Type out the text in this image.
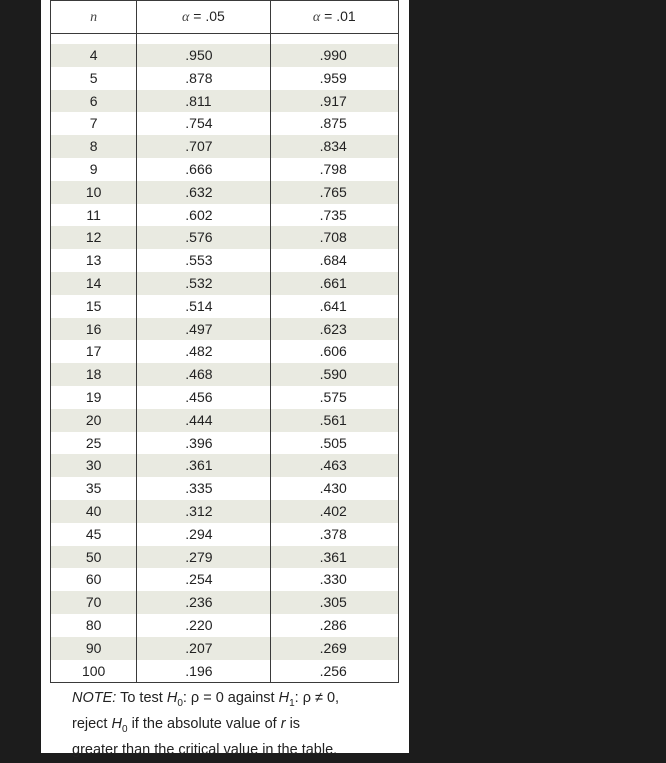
n	α = .05	α = .01

4	.950	.990
5	.878	.959
6	.811	.917
7	.754	.875
8	.707	.834
9	.666	.798
10	.632	.765
11	.602	.735
12	.576	.708
13	.553	.684
14	.532	.661
15	.514	.641
16	.497	.623
17	.482	.606
18	.468	.590
19	.456	.575
20	.444	.561
25	.396	.505
30	.361	.463
35	.335	.430
40	.312	.402
45	.294	.378
50	.279	.361
60	.254	.330
70	.236	.305
80	.220	.286
90	.207	.269
100	.196	.256
NOTE: To test $H_0$: ρ = 0 against $H_1$: ρ ≠ 0,
reject $H_0$ if the absolute value of r is
greater than the critical value in the table.
